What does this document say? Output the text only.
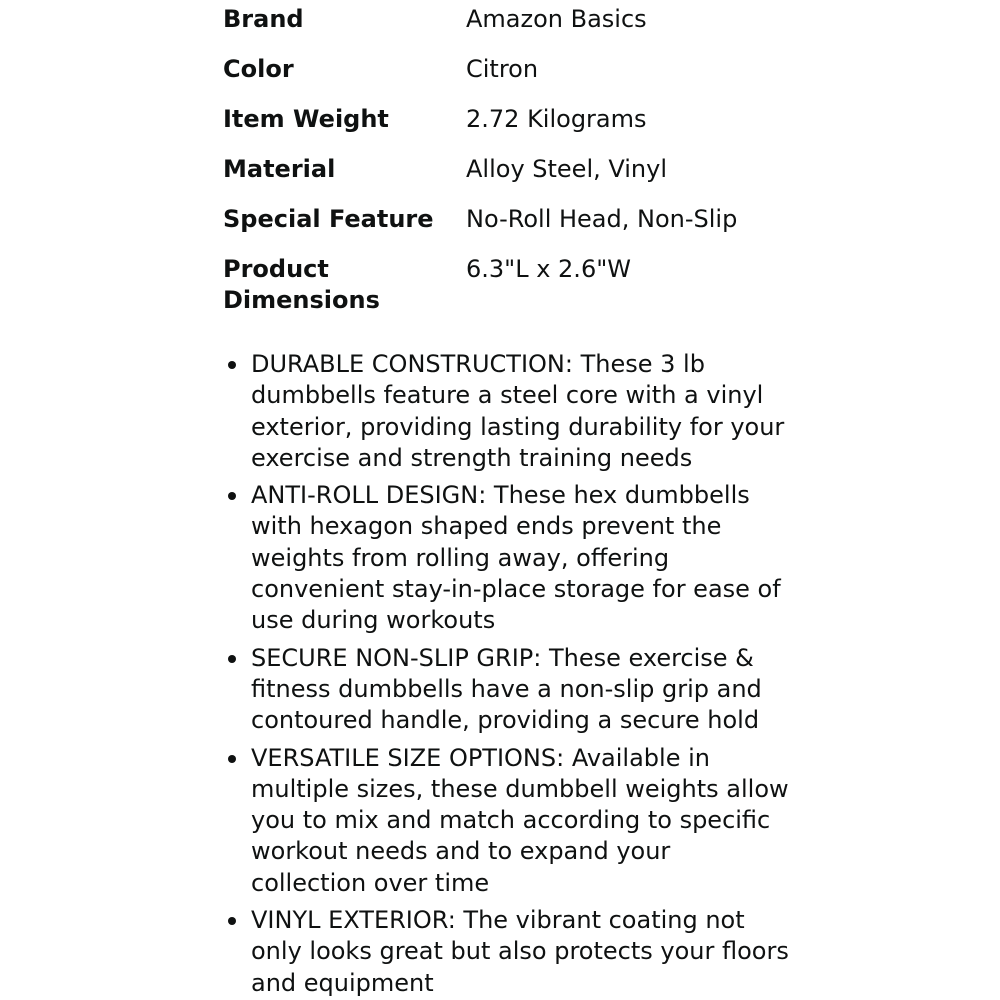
Brand	Amazon Basics
Color	Citron
Item Weight	2.72 Kilograms
Material	Alloy Steel, Vinyl
Special Feature	No-Roll Head, Non-Slip
Product Dimensions	6.3"L x 2.6"W
DURABLE CONSTRUCTION: These 3 lb dumbbells feature a steel core with a vinyl exterior, providing lasting durability for your exercise and strength training needs
ANTI-ROLL DESIGN: These hex dumbbells with hexagon shaped ends prevent the weights from rolling away, offering convenient stay-in-place storage for ease of use during workouts
SECURE NON-SLIP GRIP: These exercise & fitness dumbbells have a non-slip grip and contoured handle, providing a secure hold
VERSATILE SIZE OPTIONS: Available in multiple sizes, these dumbbell weights allow you to mix and match according to specific workout needs and to expand your collection over time
VINYL EXTERIOR: The vibrant coating not only looks great but also protects your floors and equipment
